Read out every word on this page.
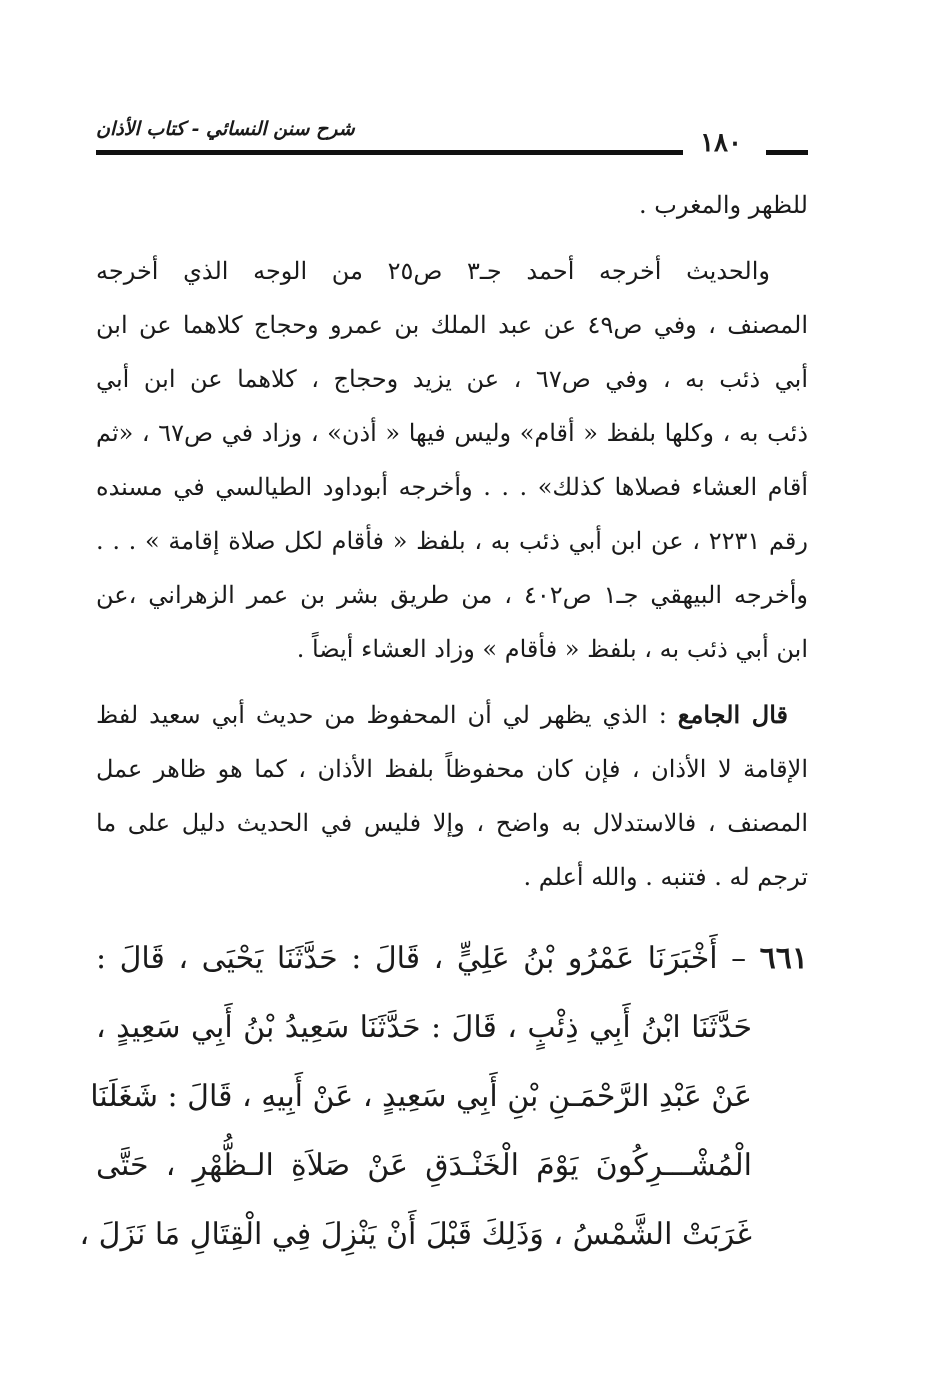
شرح سنن النسائي - كتاب الأذان	١٨٠
للظهر والمغرب .
والحديث أخرجه أحمد جـ٣ ص٢٥ من الوجه الذي أخرجه
المصنف ، وفي ص٤٩ عن عبد الملك بن عمرو وحجاج كلاهما عن ابن
أبي ذئب به ، وفي ص٦٧ ، عن يزيد وحجاج ، كلاهما عن ابن أبي
ذئب به ، وكلها بلفظ « أقام» وليس فيها « أذن» ، وزاد في ص٦٧ ، «ثم
أقام العشاء فصلاها كذلك» . . . وأخرجه أبوداود الطيالسي في مسنده
رقم ٢٢٣١ ، عن ابن أبي ذئب به ، بلفظ « فأقام لكل صلاة إقامة » . . .
وأخرجه البيهقي جـ١ ص٤٠٢ ، من طريق بشر بن عمر الزهراني ،عن
ابن أبي ذئب به ، بلفظ « فأقام » وزاد العشاء أيضاً .
قال الجامع : الذي يظهر لي أن المحفوظ من حديث أبي سعيد لفظ
الإقامة لا الأذان ، فإن كان محفوظاً بلفظ الأذان ، كما هو ظاهر عمل
المصنف ، فالاستدلال به واضح ، وإلا فليس في الحديث دليل على ما
ترجم له . فتنبه . والله أعلم .
٦٦١ – أَخْبَرَنَا عَمْرُو بْنُ عَلِيٍّ ، قَالَ : حَدَّثَنَا يَحْيَى ، قَالَ :
حَدَّثَنَا ابْنُ أَبِي ذِئْبٍ ، قَالَ : حَدَّثَنَا سَعِيدُ بْنُ أَبِي سَعِيدٍ ،
عَنْ عَبْدِ الرَّحْمَـنِ بْنِ أَبِي سَعِيدٍ ، عَنْ أَبِيهِ ، قَالَ : شَغَلَنَا
الْمُشْـــرِكُونَ يَوْمَ الْخَنْـدَقِ عَنْ صَلاَةِ الـظُّهْرِ ، حَتَّى
غَرَبَتْ الشَّمْسُ ، وَذَلِكَ قَبْلَ أَنْ يَنْزِلَ فِي الْقِتَالِ مَا نَزَلَ ،
